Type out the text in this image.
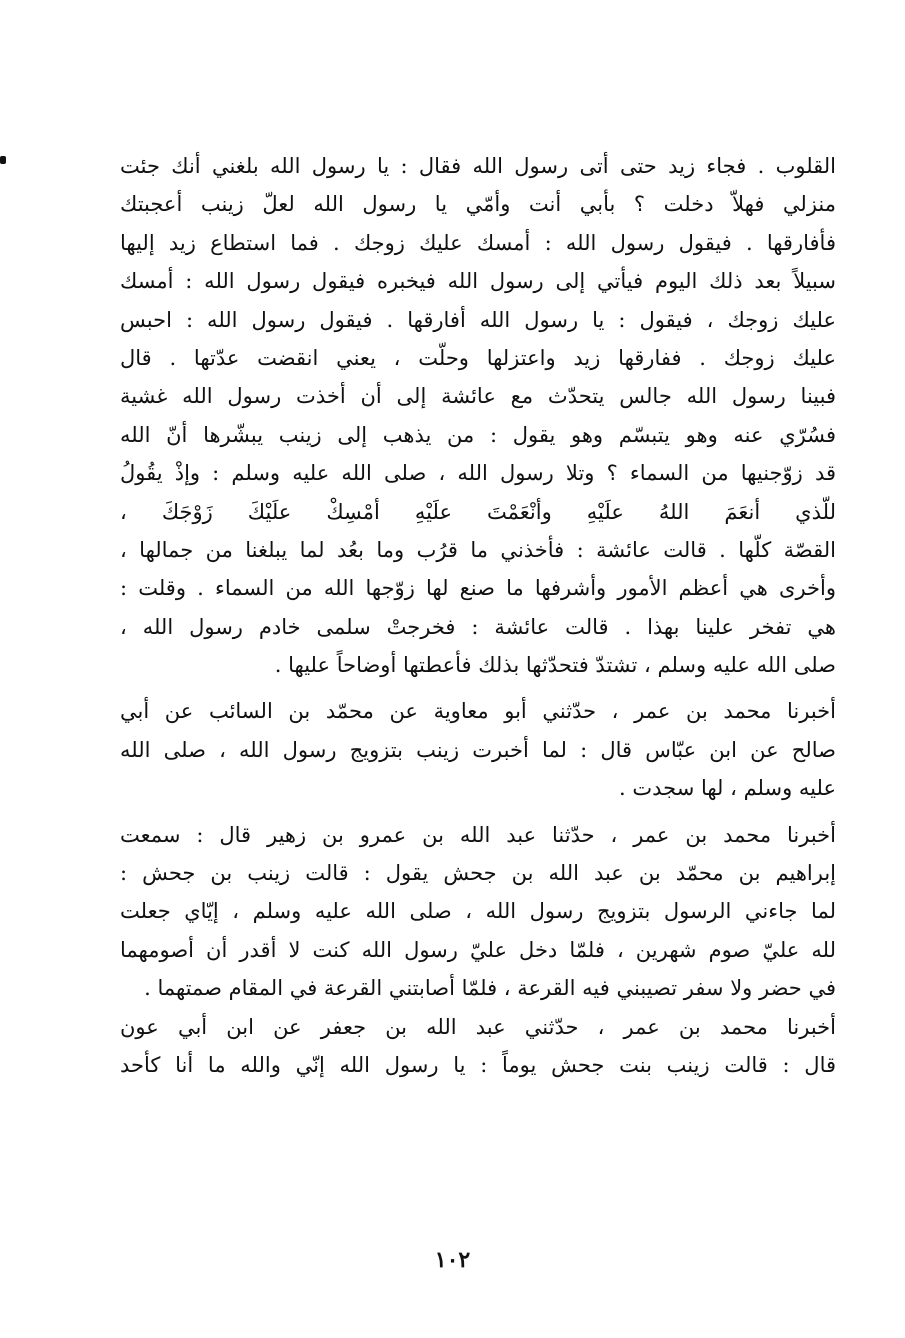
القلوب . فجاء زيد حتى أتى رسول الله فقال : يا رسول الله بلغني أنك جئت
منزلي فهلاّ دخلت ؟ بأبي أنت وأمّي يا رسول الله لعلّ زينب أعجبتك
فأفارقها . فيقول رسول الله : أمسك عليك زوجك . فما استطاع زيد إليها
سبيلاً بعد ذلك اليوم فيأتي إلى رسول الله فيخبره فيقول رسول الله : أمسك
عليك زوجك ، فيقول : يا رسول الله أفارقها . فيقول رسول الله : احبس
عليك زوجك . ففارقها زيد واعتزلها وحلّت ، يعني انقضت عدّتها . قال
فبينا رسول الله جالس يتحدّث مع عائشة إلى أن أخذت رسول الله غشية
فسُرّي عنه وهو يتبسّم وهو يقول : من يذهب إلى زينب يبشّرها أنّ الله
قد زوّجنيها من السماء ؟ وتلا رسول الله ، صلى الله عليه وسلم : وإذْ يقُولُ
للّذي أنعَمَ اللهُ علَيْهِ وأنْعَمْتَ علَيْهِ أمْسِكْ علَيْكَ زَوْجَكَ ،
القصّة كلّها . قالت عائشة : فأخذني ما قرُب وما بعُد لما يبلغنا من جمالها ،
وأخرى هي أعظم الأمور وأشرفها ما صنع لها زوّجها الله من السماء . وقلت :
هي تفخر علينا بهذا . قالت عائشة : فخرجتْ سلمى خادم رسول الله ،
صلى الله عليه وسلم ، تشتدّ فتحدّثها بذلك فأعطتها أوضاحاً عليها .
أخبرنا محمد بن عمر ، حدّثني أبو معاوية عن محمّد بن السائب عن أبي
صالح عن ابن عبّاس قال : لما أخبرت زينب بتزويج رسول الله ، صلى الله
عليه وسلم ، لها سجدت .
أخبرنا محمد بن عمر ، حدّثنا عبد الله بن عمرو بن زهير قال : سمعت
إبراهيم بن محمّد بن عبد الله بن جحش يقول : قالت زينب بن جحش :
لما جاءني الرسول بتزويج رسول الله ، صلى الله عليه وسلم ، إيّاي جعلت
لله عليّ صوم شهرين ، فلمّا دخل عليّ رسول الله كنت لا أقدر أن أصومهما
في حضر ولا سفر تصيبني فيه القرعة ، فلمّا أصابتني القرعة في المقام صمتهما .
أخبرنا محمد بن عمر ، حدّثني عبد الله بن جعفر عن ابن أبي عون
قال : قالت زينب بنت جحش يوماً : يا رسول الله إنّي والله ما أنا كأحد
١٠٢
